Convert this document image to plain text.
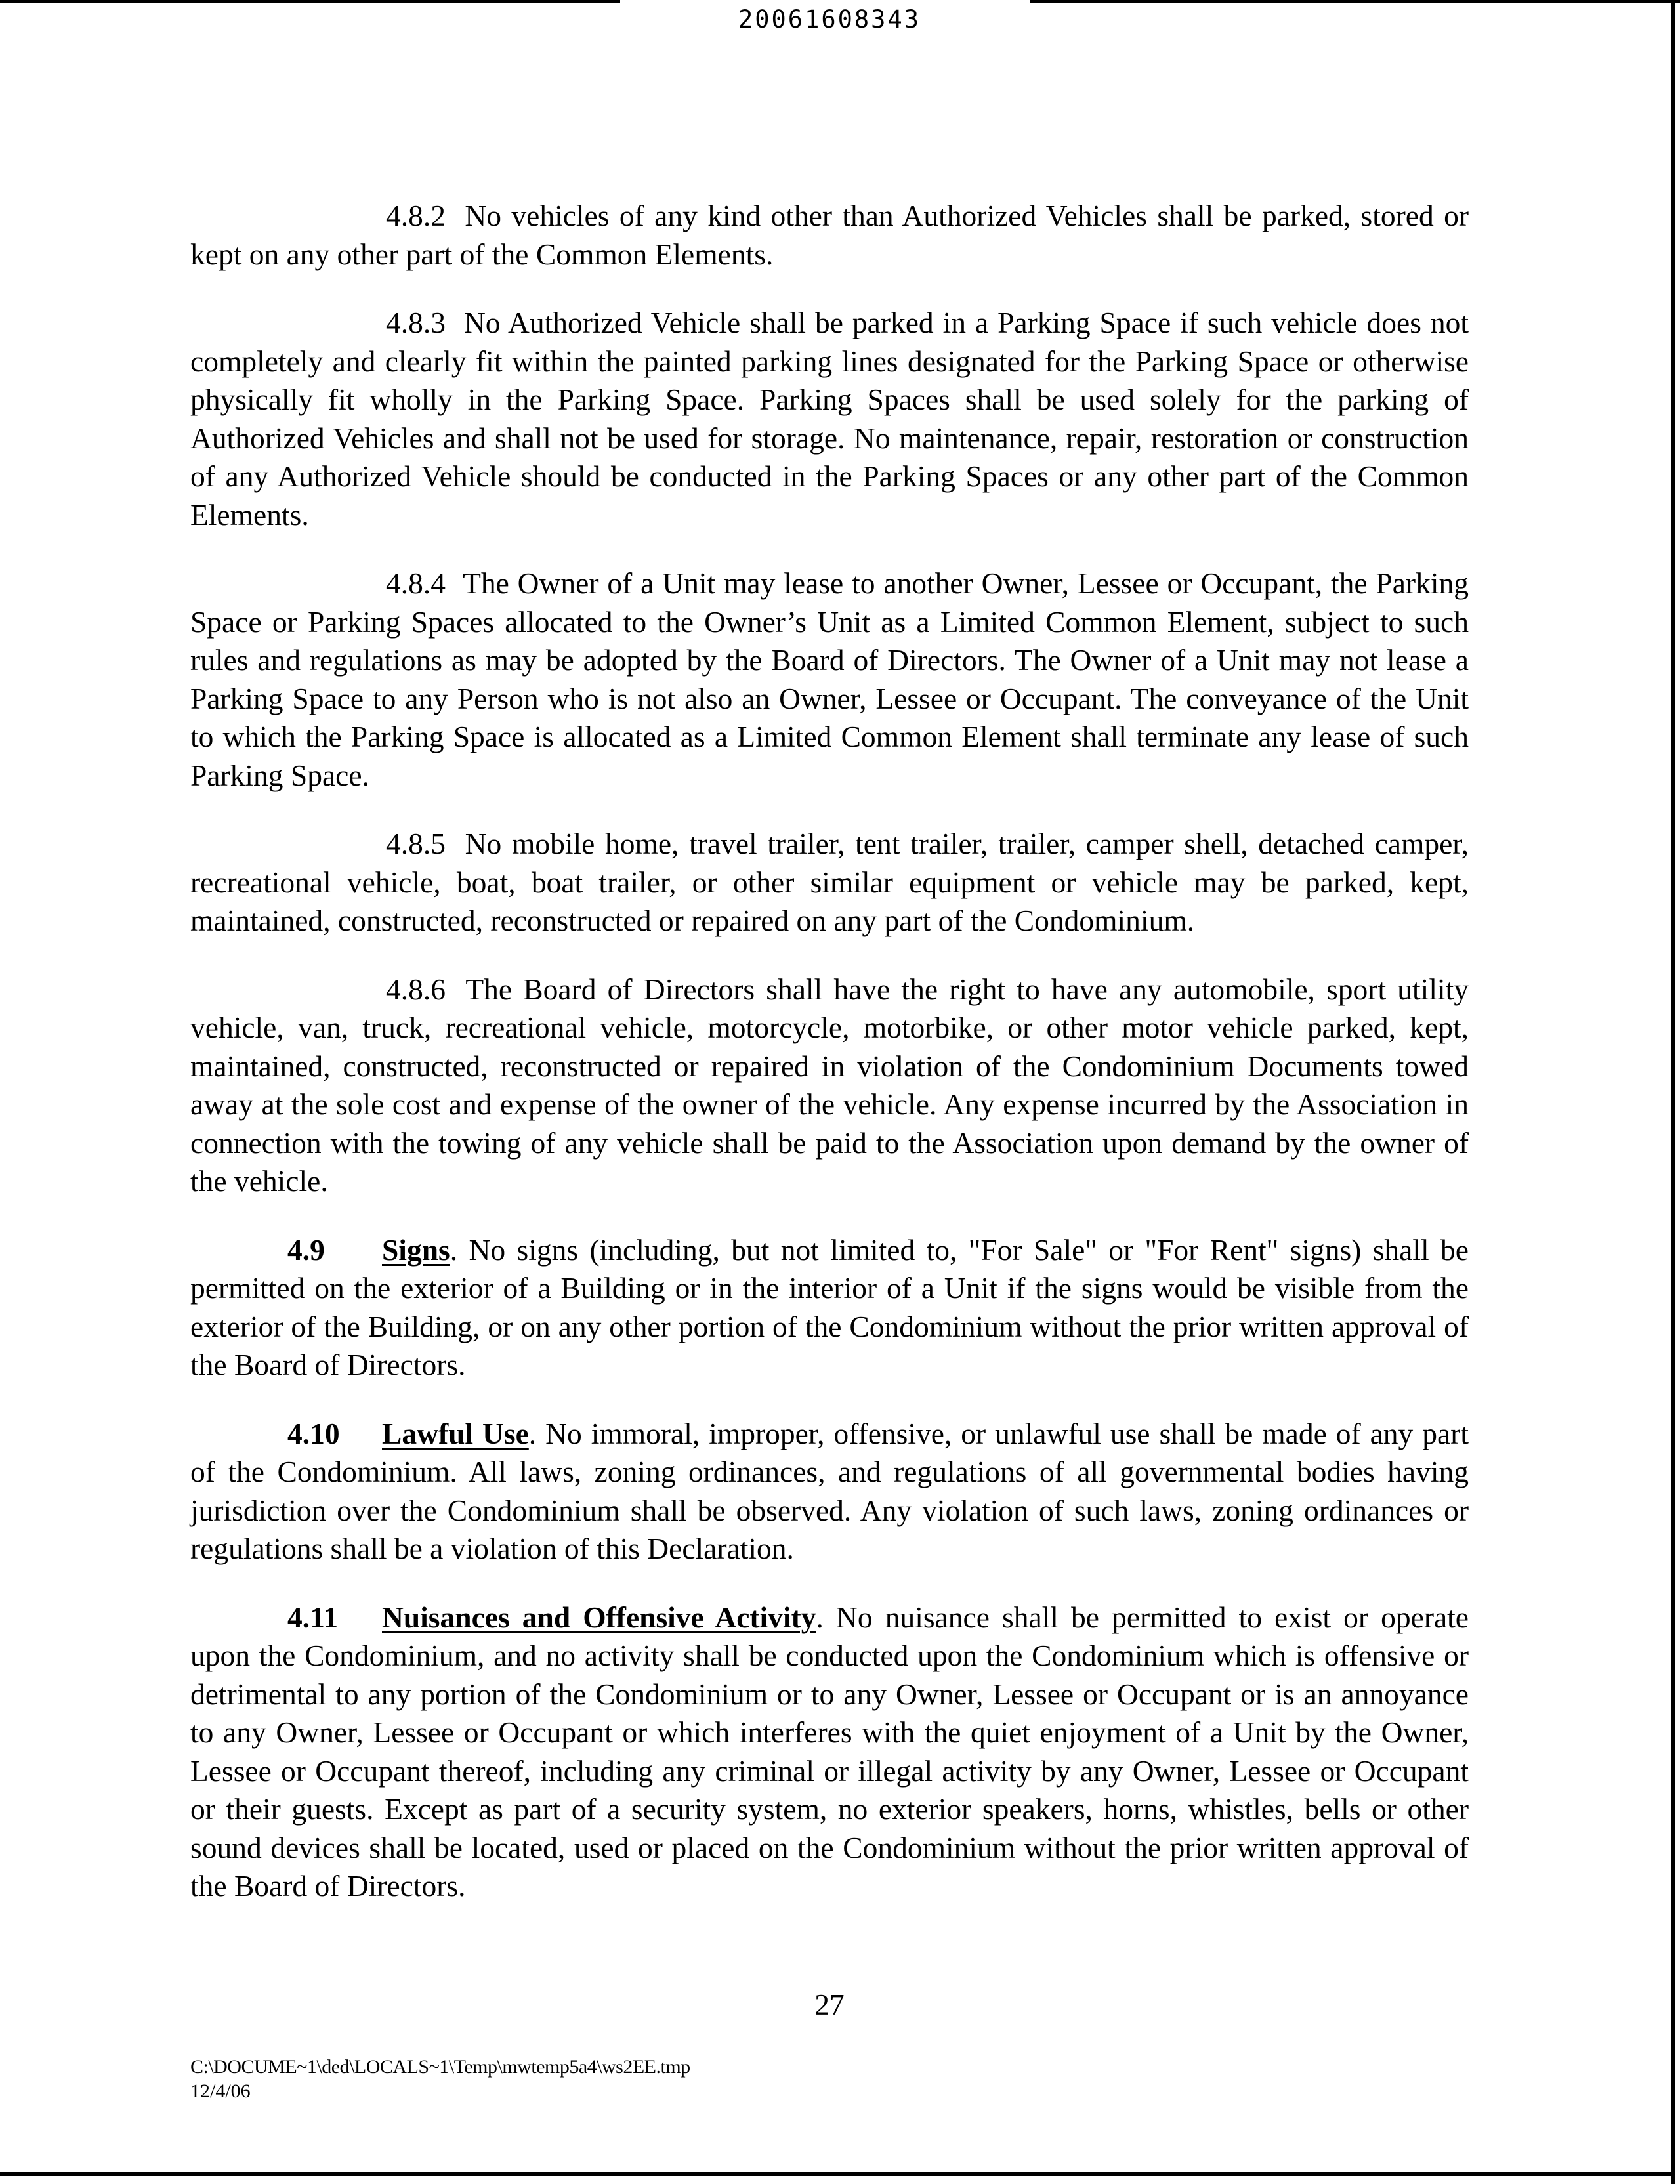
20061608343

4.8.2 No vehicles of any kind other than Authorized Vehicles shall be parked, stored or kept on any other part of the Common Elements.

4.8.3 No Authorized Vehicle shall be parked in a Parking Space if such vehicle does not completely and clearly fit within the painted parking lines designated for the Parking Space or otherwise physically fit wholly in the Parking Space. Parking Spaces shall be used solely for the parking of Authorized Vehicles and shall not be used for storage. No maintenance, repair, restoration or construction of any Authorized Vehicle should be conducted in the Parking Spaces or any other part of the Common Elements.

4.8.4 The Owner of a Unit may lease to another Owner, Lessee or Occupant, the Parking Space or Parking Spaces allocated to the Owner’s Unit as a Limited Common Element, subject to such rules and regulations as may be adopted by the Board of Directors. The Owner of a Unit may not lease a Parking Space to any Person who is not also an Owner, Lessee or Occupant. The conveyance of the Unit to which the Parking Space is allocated as a Limited Common Element shall terminate any lease of such Parking Space.

4.8.5 No mobile home, travel trailer, tent trailer, trailer, camper shell, detached camper, recreational vehicle, boat, boat trailer, or other similar equipment or vehicle may be parked, kept, maintained, constructed, reconstructed or repaired on any part of the Condominium.

4.8.6 The Board of Directors shall have the right to have any automobile, sport utility vehicle, van, truck, recreational vehicle, motorcycle, motorbike, or other motor vehicle parked, kept, maintained, constructed, reconstructed or repaired in violation of the Condominium Documents towed away at the sole cost and expense of the owner of the vehicle. Any expense incurred by the Association in connection with the towing of any vehicle shall be paid to the Association upon demand by the owner of the vehicle.

4.9 Signs. No signs (including, but not limited to, "For Sale" or "For Rent" signs) shall be permitted on the exterior of a Building or in the interior of a Unit if the signs would be visible from the exterior of the Building, or on any other portion of the Condominium without the prior written approval of the Board of Directors.

4.10 Lawful Use. No immoral, improper, offensive, or unlawful use shall be made of any part of the Condominium. All laws, zoning ordinances, and regulations of all governmental bodies having jurisdiction over the Condominium shall be observed. Any violation of such laws, zoning ordinances or regulations shall be a violation of this Declaration.

4.11 Nuisances and Offensive Activity. No nuisance shall be permitted to exist or operate upon the Condominium, and no activity shall be conducted upon the Condominium which is offensive or detrimental to any portion of the Condominium or to any Owner, Lessee or Occupant or is an annoyance to any Owner, Lessee or Occupant or which interferes with the quiet enjoyment of a Unit by the Owner, Lessee or Occupant thereof, including any criminal or illegal activity by any Owner, Lessee or Occupant or their guests. Except as part of a security system, no exterior speakers, horns, whistles, bells or other sound devices shall be located, used or placed on the Condominium without the prior written approval of the Board of Directors.

27
C:\DOCUME~1\ded\LOCALS~1\Temp\mwtemp5a4\ws2EE.tmp
12/4/06
